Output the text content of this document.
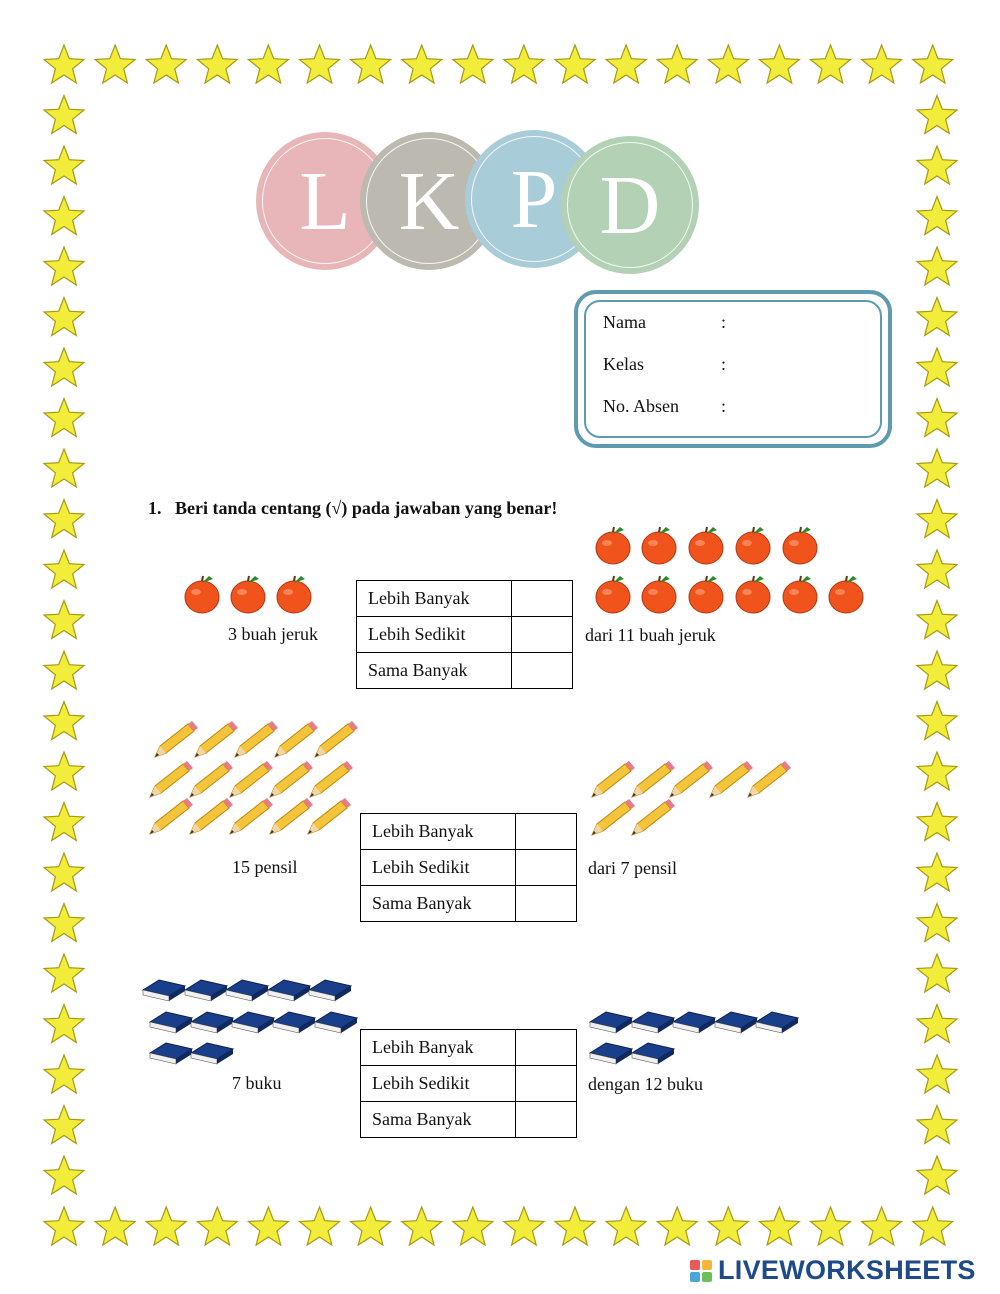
L K P D
Nama	:
Kelas	:
No. Absen :
1. Beri tanda centang (√) pada jawaban yang benar!
3 buah jeruk	dari 11 buah jeruk
Lebih Banyak	
Lebih Sedikit	
Sama Banyak	
15 pensil	dari 7 pensil
Lebih Banyak	
Lebih Sedikit	
Sama Banyak	
7 buku	dengan 12 buku
Lebih Banyak	
Lebih Sedikit	
Sama Banyak	
LIVEWORKSHEETS
